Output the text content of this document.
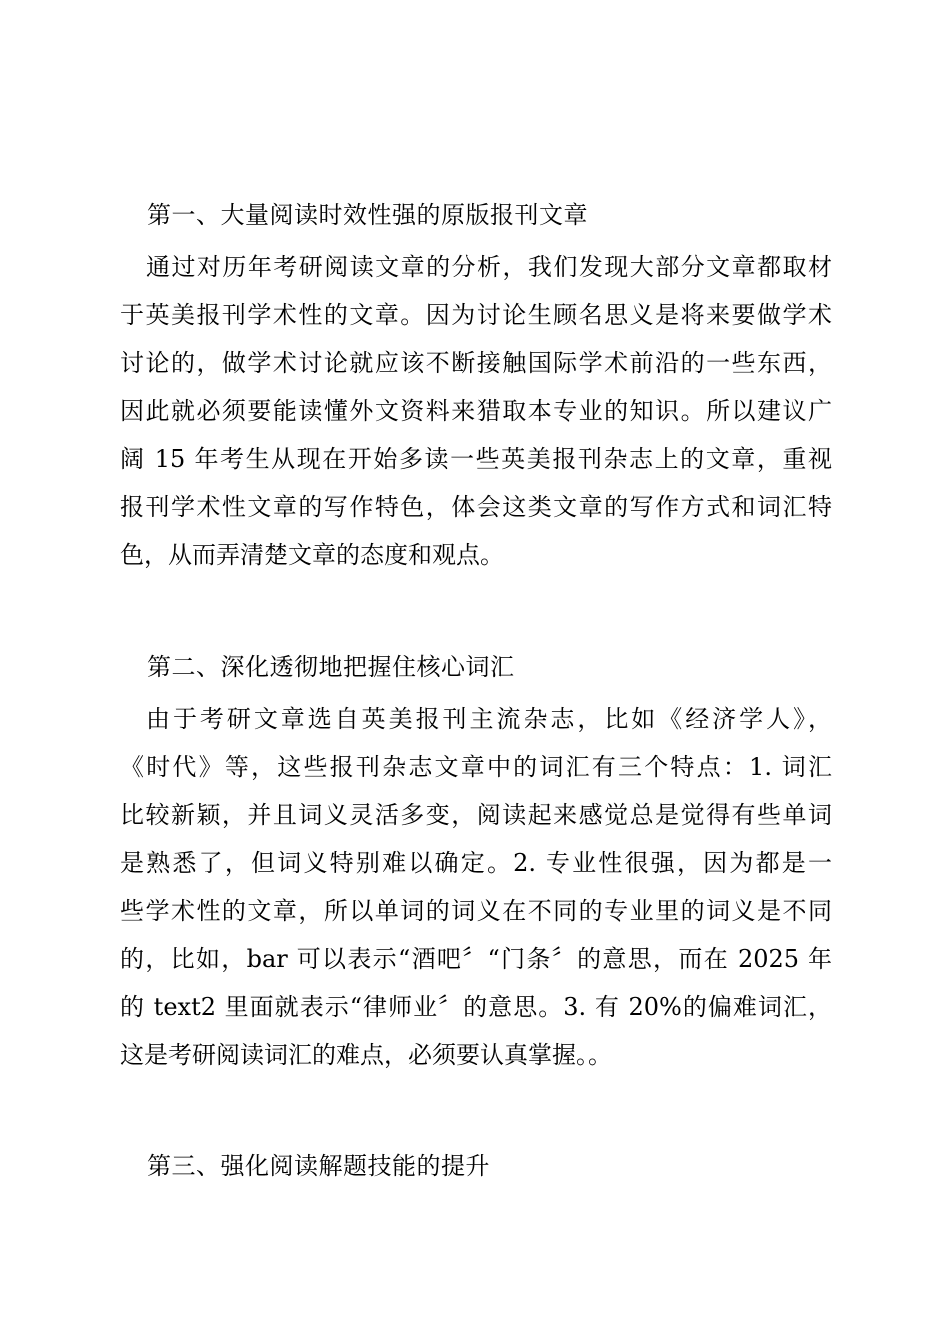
第一、大量阅读时效性强的原版报刊文章
通过对历年考研阅读文章的分析，我们发现大部分文章都取材
于英美报刊学术性的文章。因为讨论生顾名思义是将来要做学术
讨论的，做学术讨论就应该不断接触国际学术前沿的一些东西，
因此就必须要能读懂外文资料来猎取本专业的知识。所以建议广
阔 15 年考生从现在开始多读一些英美报刊杂志上的文章，重视
报刊学术性文章的写作特色，体会这类文章的写作方式和词汇特
色，从而弄清楚文章的态度和观点。
第二、深化透彻地把握住核心词汇
由于考研文章选自英美报刊主流杂志，比如《经济学人》，
《时代》等，这些报刊杂志文章中的词汇有三个特点：1. 词汇
比较新颖，并且词义灵活多变，阅读起来感觉总是觉得有些单词
是熟悉了，但词义特别难以确定。2. 专业性很强，因为都是一
些学术性的文章，所以单词的词义在不同的专业里的词义是不同
的，比如，bar 可以表示“酒吧〞“门条〞的意思，而在 2025 年
的 text2 里面就表示“律师业〞的意思。3. 有 20%的偏难词汇，
这是考研阅读词汇的难点，必须要认真掌握。。
第三、强化阅读解题技能的提升
